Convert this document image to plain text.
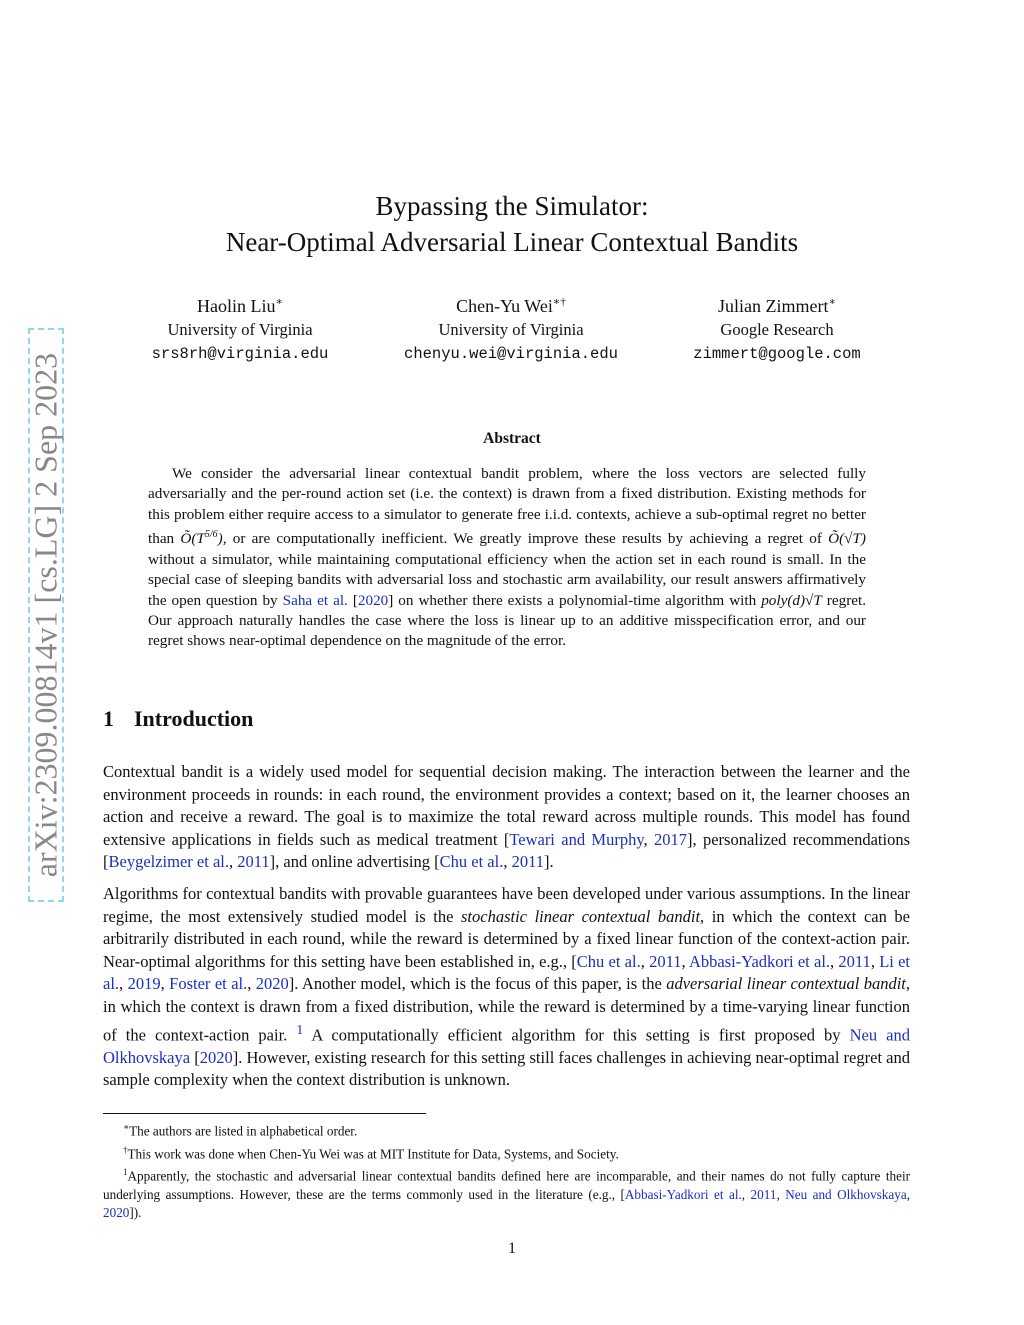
arXiv:2309.00814v1 [cs.LG] 2 Sep 2023
Bypassing the Simulator:
Near-Optimal Adversarial Linear Contextual Bandits
Haolin Liu∗
University of Virginia
srs8rh@virginia.edu
Chen-Yu Wei∗†
University of Virginia
chenyu.wei@virginia.edu
Julian Zimmert∗
Google Research
zimmert@google.com
Abstract

We consider the adversarial linear contextual bandit problem, where the loss vectors are selected fully adversarially and the per-round action set (i.e. the context) is drawn from a fixed distribution. Existing methods for this problem either require access to a simulator to generate free i.i.d. contexts, achieve a sub-optimal regret no better than $Õ(T^{5/6})$, or are computationally inefficient. We greatly improve these results by achieving a regret of Õ(√T) without a simulator, while maintaining computational efficiency when the action set in each round is small. In the special case of sleeping bandits with adversarial loss and stochastic arm availability, our result answers affirmatively the open question by Saha et al. [2020] on whether there exists a polynomial-time algorithm with poly(d)√T regret. Our approach naturally handles the case where the loss is linear up to an additive misspecification error, and our regret shows near-optimal dependence on the magnitude of the error.

1 Introduction

Contextual bandit is a widely used model for sequential decision making. The interaction between the learner and the environment proceeds in rounds: in each round, the environment provides a context; based on it, the learner chooses an action and receive a reward. The goal is to maximize the total reward across multiple rounds. This model has found extensive applications in fields such as medical treatment [Tewari and Murphy, 2017], personalized recommendations [Beygelzimer et al., 2011], and online advertising [Chu et al., 2011].

Algorithms for contextual bandits with provable guarantees have been developed under various assumptions. In the linear regime, the most extensively studied model is the stochastic linear contextual bandit, in which the context can be arbitrarily distributed in each round, while the reward is determined by a fixed linear function of the context-action pair. Near-optimal algorithms for this setting have been established in, e.g., [Chu et al., 2011, Abbasi-Yadkori et al., 2011, Li et al., 2019, Foster et al., 2020]. Another model, which is the focus of this paper, is the adversarial linear contextual bandit, in which the context is drawn from a fixed distribution, while the reward is determined by a time-varying linear function of the context-action pair. $^1$ A computationally efficient algorithm for this setting is first proposed by Neu and Olkhovskaya [2020]. However, existing research for this setting still faces challenges in achieving near-optimal regret and sample complexity when the context distribution is unknown.

∗The authors are listed in alphabetical order.

†This work was done when Chen-Yu Wei was at MIT Institute for Data, Systems, and Society.

$^1$Apparently, the stochastic and adversarial linear contextual bandits defined here are incomparable, and their names do not fully capture their underlying assumptions. However, these are the terms commonly used in the literature (e.g., [Abbasi-Yadkori et al., 2011, Neu and Olkhovskaya, 2020]).

1
